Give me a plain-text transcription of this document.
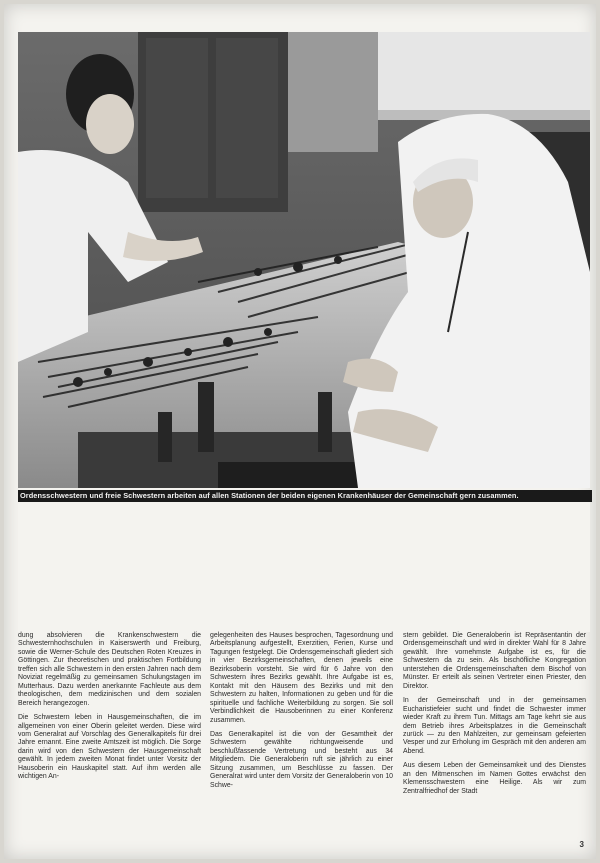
Ordensschwestern und freie Schwestern arbeiten auf allen Stationen der beiden eigenen Krankenhäuser der Gemeinschaft gern zusammen.

dung absolvieren die Krankenschwestern die Schwesternhochschulen in Kaiserswerth und Freiburg, sowie die Werner-Schule des Deutschen Roten Kreuzes in Göttingen. Zur theoretischen und praktischen Fortbildung treffen sich alle Schwestern in den ersten Jahren nach dem Noviziat regelmäßig zu gemeinsamen Schulungstagen im Mutterhaus. Dazu werden anerkannte Fachleute aus dem theologischen, dem medizinischen und dem sozialen Bereich herangezogen.

Die Schwestern leben in Hausgemeinschaften, die im allgemeinen von einer Oberin geleitet werden. Diese wird vom Generalrat auf Vorschlag des Generalkapitels für drei Jahre ernannt. Eine zweite Amtszeit ist möglich. Die Sorge darin wird von den Schwestern der Hausgemeinschaft gewählt. In jedem zweiten Monat findet unter Vorsitz der Hausoberin ein Hauskapitel statt. Auf ihm werden alle wichtigen An-

gelegenheiten des Hauses besprochen, Tagesordnung und Arbeitsplanung aufgestellt, Exerzitien, Ferien, Kurse und Tagungen festgelegt. Die Ordensgemeinschaft gliedert sich in vier Bezirksgemeinschaften, denen jeweils eine Bezirksoberin vorsteht. Sie wird für 6 Jahre von den Schwestern ihres Bezirks gewählt. Ihre Aufgabe ist es, Kontakt mit den Häusern des Bezirks und mit den Schwestern zu halten, Informationen zu geben und für die spirituelle und fachliche Weiterbildung zu sorgen. Sie soll Verbindlichkeit die Hausoberinnen zu einer Konferenz zusammen.

Das Generalkapitel ist die von der Gesamtheit der Schwestern gewählte richtungweisende und beschlußfassende Vertretung und besteht aus 34 Mitgliedern. Die Generaloberin ruft sie jährlich zu einer Sitzung zusammen, um Beschlüsse zu fassen. Der Generalrat wird unter dem Vorsitz der Generaloberin von 10 Schwe-

stern gebildet. Die Generaloberin ist Repräsentantin der Ordensgemeinschaft und wird in direkter Wahl für 8 Jahre gewählt. Ihre vornehmste Aufgabe ist es, für die Schwestern da zu sein. Als bischöfliche Kongregation unterstehen die Ordensgemeinschaften dem Bischof von Münster. Er erteilt als seinen Vertreter einen Priester, den Direktor.

In der Gemeinschaft und in der gemeinsamen Eucharistiefeier sucht und findet die Schwester immer wieder Kraft zu ihrem Tun. Mittags am Tage kehrt sie aus dem Betrieb ihres Arbeitsplatzes in die Gemeinschaft zurück — zu den Mahlzeiten, zur gemeinsam gefeierten Vesper und zur Erholung im Gespräch mit den anderen am Abend.

Aus diesem Leben der Gemeinsamkeit und des Dienstes an den Mitmenschen im Namen Gottes erwächst den Klemensschwestern eine Heilige. Als wir zum Zentralfriedhof der Stadt

3
